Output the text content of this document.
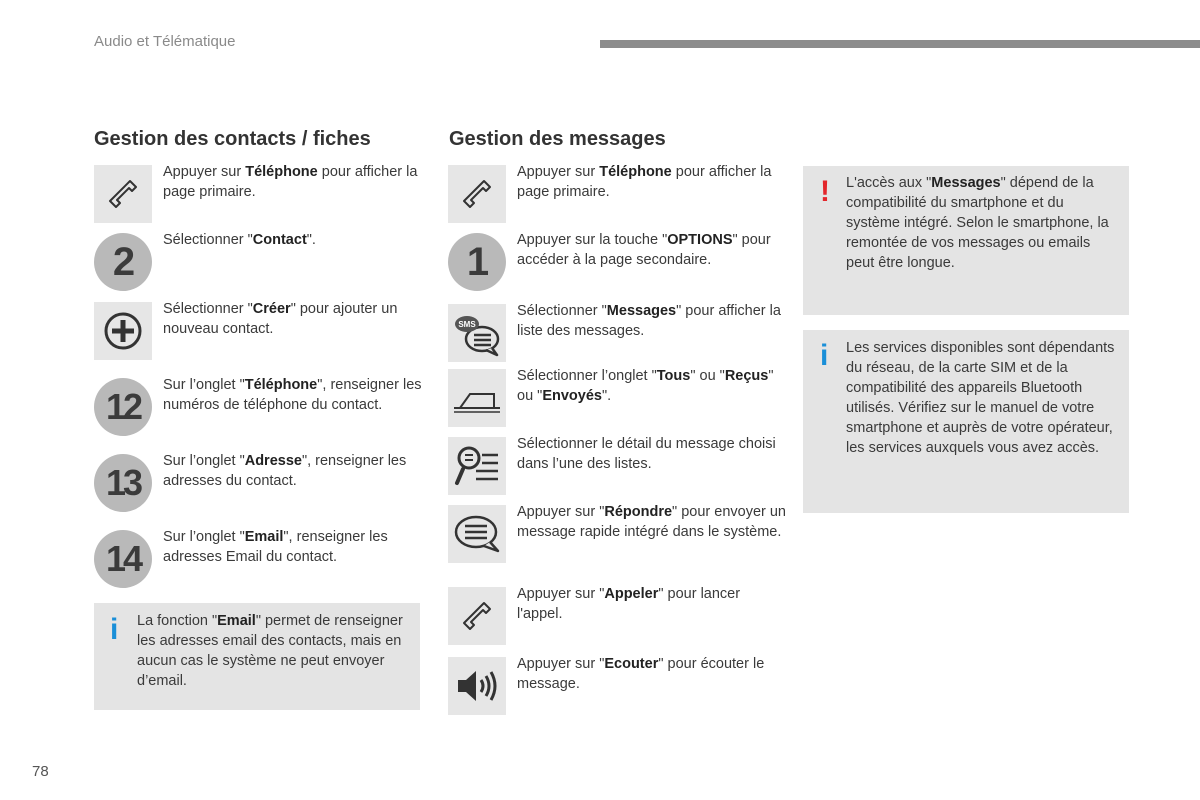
Audio et Télématique
Gestion des contacts / fiches
Appuyer sur Téléphone pour afficher la page primaire.
2	Sélectionner "Contact".
Sélectionner "Créer" pour ajouter un nouveau contact.
12
Sur l’onglet "Téléphone", renseigner les numéros de téléphone du contact.
13
Sur l’onglet "Adresse", renseigner les adresses du contact.
14
Sur l’onglet "Email", renseigner les adresses Email du contact.
i La fonction "Email" permet de renseigner les adresses email des contacts, mais en aucun cas le système ne peut envoyer d’email.
Gestion des messages
Appuyer sur Téléphone pour afficher la page primaire.
1	Appuyer sur la touche "OPTIONS" pour accéder à la page secondaire.
SMS
Sélectionner "Messages" pour afficher la liste des messages.
Sélectionner l’onglet "Tous" ou "Reçus" ou "Envoyés".
Sélectionner le détail du message choisi dans l’une des listes.
Appuyer sur "Répondre" pour envoyer un message rapide intégré dans le système.
Appuyer sur "Appeler" pour lancer l'appel.
Appuyer sur "Ecouter" pour écouter le message.
! L'accès aux "Messages" dépend de la compatibilité du smartphone et du système intégré. Selon le smartphone, la remontée de vos messages ou emails peut être longue.
i Les services disponibles sont dépendants du réseau, de la carte SIM et de la compatibilité des appareils Bluetooth utilisés. Vérifiez sur le manuel de votre smartphone et auprès de votre opérateur, les services auxquels vous avez accès.
78
